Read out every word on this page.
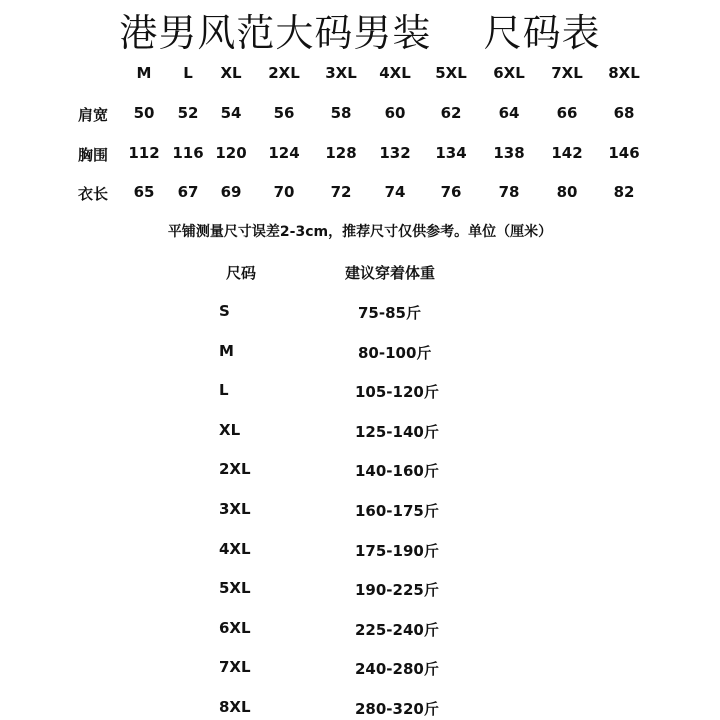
港男风范大码男装    尺码表
M L XL 2XL 3XL 4XL 5XL 6XL 7XL 8XL
肩宽 50 52 54 56 58 60 62 64 66 68
胸围 112 116 120 124 128 132 134 138 142 146
衣长 65 67 69 70 72 74 76 78 80 82
平铺测量尺寸误差2-3cm，推荐尺寸仅供参考。单位（厘米）
尺码	建议穿着体重
S	75-85斤
M	80-100斤
L	105-120斤
XL	125-140斤
2XL	140-160斤
3XL	160-175斤
4XL	175-190斤
5XL	190-225斤
6XL	225-240斤
7XL	240-280斤
8XL	280-320斤
